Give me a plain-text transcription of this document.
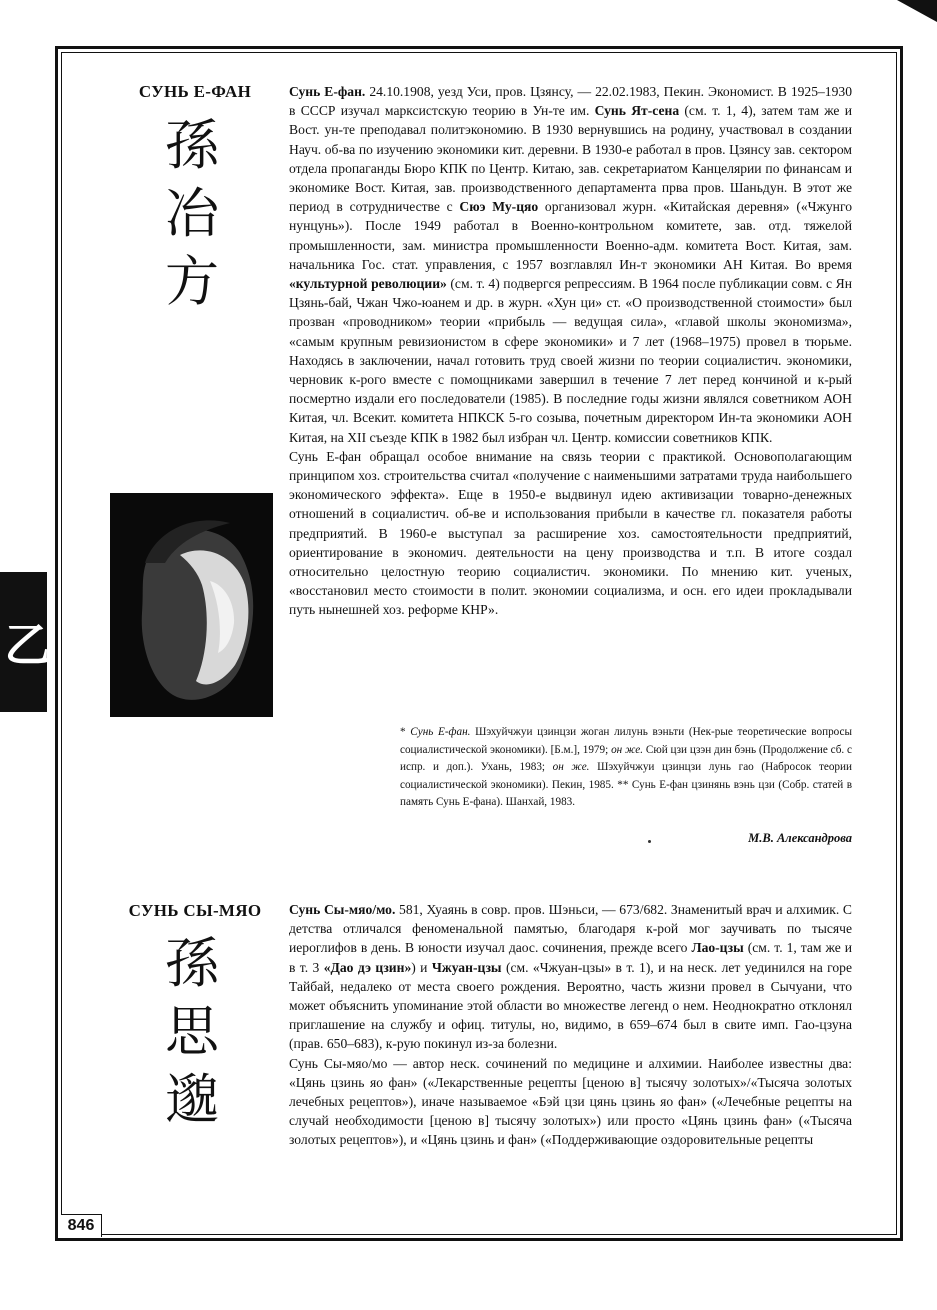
乙
СУНЬ Е-ФАН
孫
冶
方

Сунь Е-фан. 24.10.1908, уезд Уси, пров. Цзянсу, — 22.02.1983, Пекин. Экономист. В 1925–1930 в СССР изучал марксистскую теорию в Ун-те им. Сунь Ят-сена (см. т. 1, 4), затем там же и Вост. ун-те преподавал политэкономию. В 1930 вернувшись на родину, участвовал в создании Науч. об-ва по изучению экономики кит. деревни. В 1930-е работал в пров. Цзянсу зав. сектором отдела пропаганды Бюро КПК по Центр. Китаю, зав. секретариатом Канцелярии по финансам и экономике Вост. Китая, зав. производственного департамента прва пров. Шаньдун. В этот же период в сотрудничестве с Сюэ Му-цяо организовал журн. «Китайская деревня» («Чжунго нунцунь»). После 1949 работал в Военно-контрольном комитете, зав. отд. тяжелой промышленности, зам. министра промышленности Военно-адм. комитета Вост. Китая, зам. начальника Гос. стат. управления, с 1957 возглавлял Ин-т экономики АН Китая. Во время «культурной революции» (см. т. 4) подвергся репрессиям. В 1964 после публикации совм. с Ян Цзянь-бай, Чжан Чжо-юанем и др. в журн. «Хун ци» ст. «О производственной стоимости» был прозван «проводником» теории «прибыль — ведущая сила», «главой школы экономизма», «самым крупным ревизионистом в сфере экономики» и 7 лет (1968–1975) провел в тюрьме. Находясь в заключении, начал готовить труд своей жизни по теории социалистич. экономики, черновик к-рого вместе с помощниками завершил в течение 7 лет перед кончиной и к-рый посмертно издали его последователи (1985). В последние годы жизни являлся советником АОН Китая, чл. Всекит. комитета НПКСК 5-го созыва, почетным директором Ин-та экономики АОН Китая, на XII съезде КПК в 1982 был избран чл. Центр. комиссии советников КПК.

Сунь Е-фан обращал особое внимание на связь теории с практикой. Основополагающим принципом хоз. строительства считал «получение с наименьшими затратами труда наибольшего экономического эффекта». Еще в 1950-е выдвинул идею активизации товарно-денежных отношений в социалистич. об-ве и использования прибыли в качестве гл. показателя работы предприятий. В 1960-е выступал за расширение хоз. самостоятельности предприятий, ориентирование в экономич. деятельности на цену производства и т.п. В итоге создал относительно целостную теорию социалистич. экономики. По мнению кит. ученых, «восстановил место стоимости в полит. экономии социализма, и осн. его идеи прокладывали путь нынешней хоз. реформе КНР».

* Сунь Е-фан. Шэхуйчжуи цзинцзи жоган лилунь вэньти (Нек-рые теоретические вопросы социалистической экономики). [Б.м.], 1979; он же. Сюй цзи цзэн дин бэнь (Продолжение сб. с испр. и доп.). Ухань, 1983; он же. Шэхуйчжуи цзинцзи лунь гао (Набросок теории социалистической экономики). Пекин, 1985. ** Сунь Е-фан цзинянь вэнь цзи (Собр. статей в память Сунь Е-фана). Шанхай, 1983.
М.В. Александрова
СУНЬ СЫ-МЯО
孫
思
邈

Сунь Сы-мяо/мо. 581, Хуаянь в совр. пров. Шэньси, — 673/682. Знаменитый врач и алхимик. С детства отличался феноменальной памятью, благодаря к-рой мог заучивать по тысяче иероглифов в день. В юности изучал даос. сочинения, прежде всего Лао-цзы (см. т. 1, там же и в т. 3 «Дао дэ цзин») и Чжуан-цзы (см. «Чжуан-цзы» в т. 1), и на неск. лет уединился на горе Тайбай, недалеко от места своего рождения. Вероятно, часть жизни провел в Сычуани, что может объяснить упоминание этой области во множестве легенд о нем. Неоднократно отклонял приглашение на службу и офиц. титулы, но, видимо, в 659–674 был в свите имп. Гао-цзуна (прав. 650–683), к-рую покинул из-за болезни.

Сунь Сы-мяо/мо — автор неск. сочинений по медицине и алхимии. Наиболее известны два: «Цянь цзинь яо фан» («Лекарственные рецепты [ценою в] тысячу золотых»/«Тысяча золотых лечебных рецептов»), иначе называемое «Бэй цзи цянь цзинь яо фан» («Лечебные рецепты на случай необходимости [ценою в] тысячу золотых») или просто «Цянь цзинь фан» («Тысяча золотых рецептов»), и «Цянь цзинь и фан» («Поддерживающие оздоровительные рецепты

846
